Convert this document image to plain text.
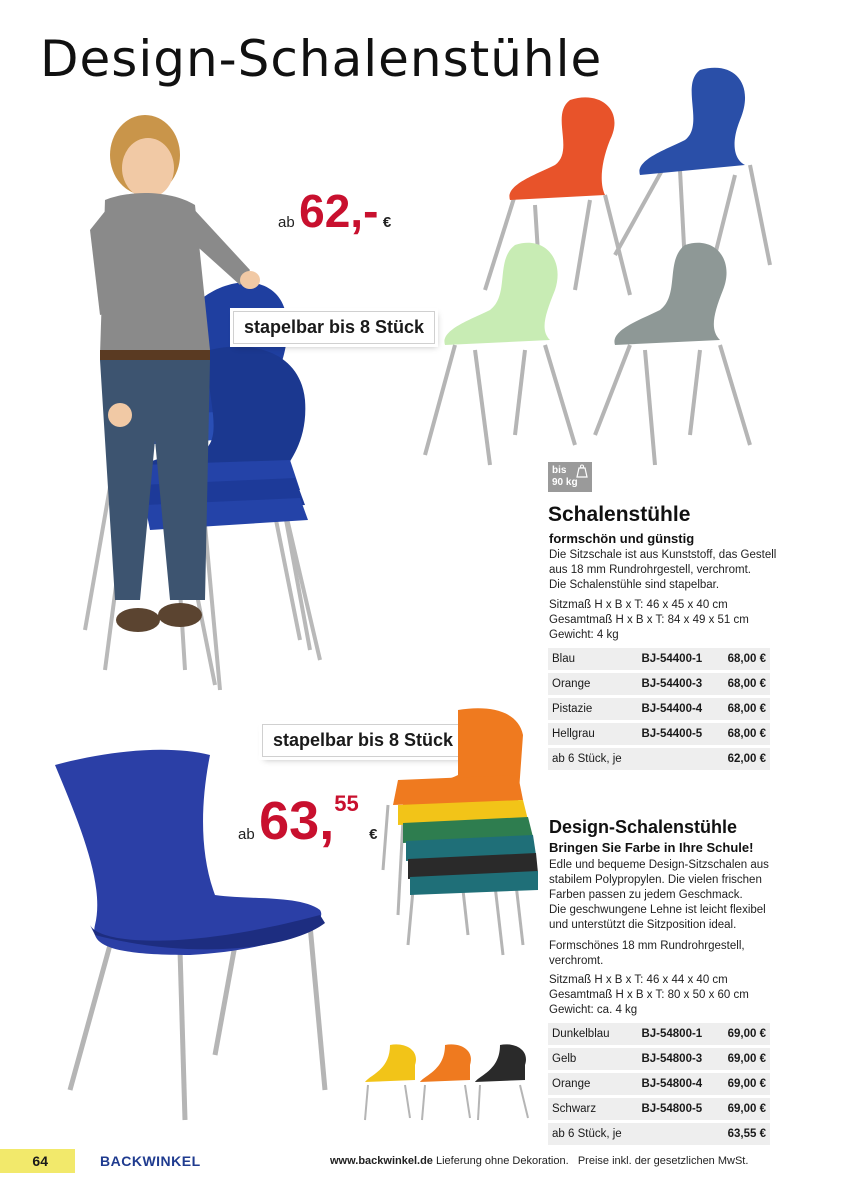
Design-Schalenstühle
ab 62,- €
stapelbar bis 8 Stück
bis
90 kg
Schalenstühle
formschön und günstig
Die Sitzschale ist aus Kunststoff, das Gestell
aus 18 mm Rundrohrgestell, verchromt.
Die Schalenstühle sind stapelbar.
Sitzmaß H x B x T: 46 x 45 x 40 cm
Gesamtmaß H x B x T: 84 x 49 x 51 cm
Gewicht: 4 kg
Blau	BJ-54400-1	68,00 €
Orange	BJ-54400-3	68,00 €
Pistazie	BJ-54400-4	68,00 €
Hellgrau	BJ-54400-5	68,00 €
ab 6 Stück, je		62,00 €
stapelbar bis 8 Stück
ab 63,55 €	Design-Schalenstühle
Bringen Sie Farbe in Ihre Schule!
Edle und bequeme Design-Sitzschalen aus
stabilem Polypropylen. Die vielen frischen
Farben passen zu jedem Geschmack.
Die geschwungene Lehne ist leicht flexibel
und unterstützt die Sitzposition ideal.
Formschönes 18 mm Rundrohrgestell,
verchromt.
Sitzmaß H x B x T: 46 x 44 x 40 cm
Gesamtmaß H x B x T: 80 x 50 x 60 cm
Gewicht: ca. 4 kg
Dunkelblau	BJ-54800-1	69,00 €
Gelb	BJ-54800-3	69,00 €
Orange	BJ-54800-4	69,00 €
Schwarz	BJ-54800-5	69,00 €
ab 6 Stück, je		63,55 €
64	BACKWINKEL	www.backwinkel.de Lieferung ohne Dekoration.   Preise inkl. der gesetzlichen MwSt.
